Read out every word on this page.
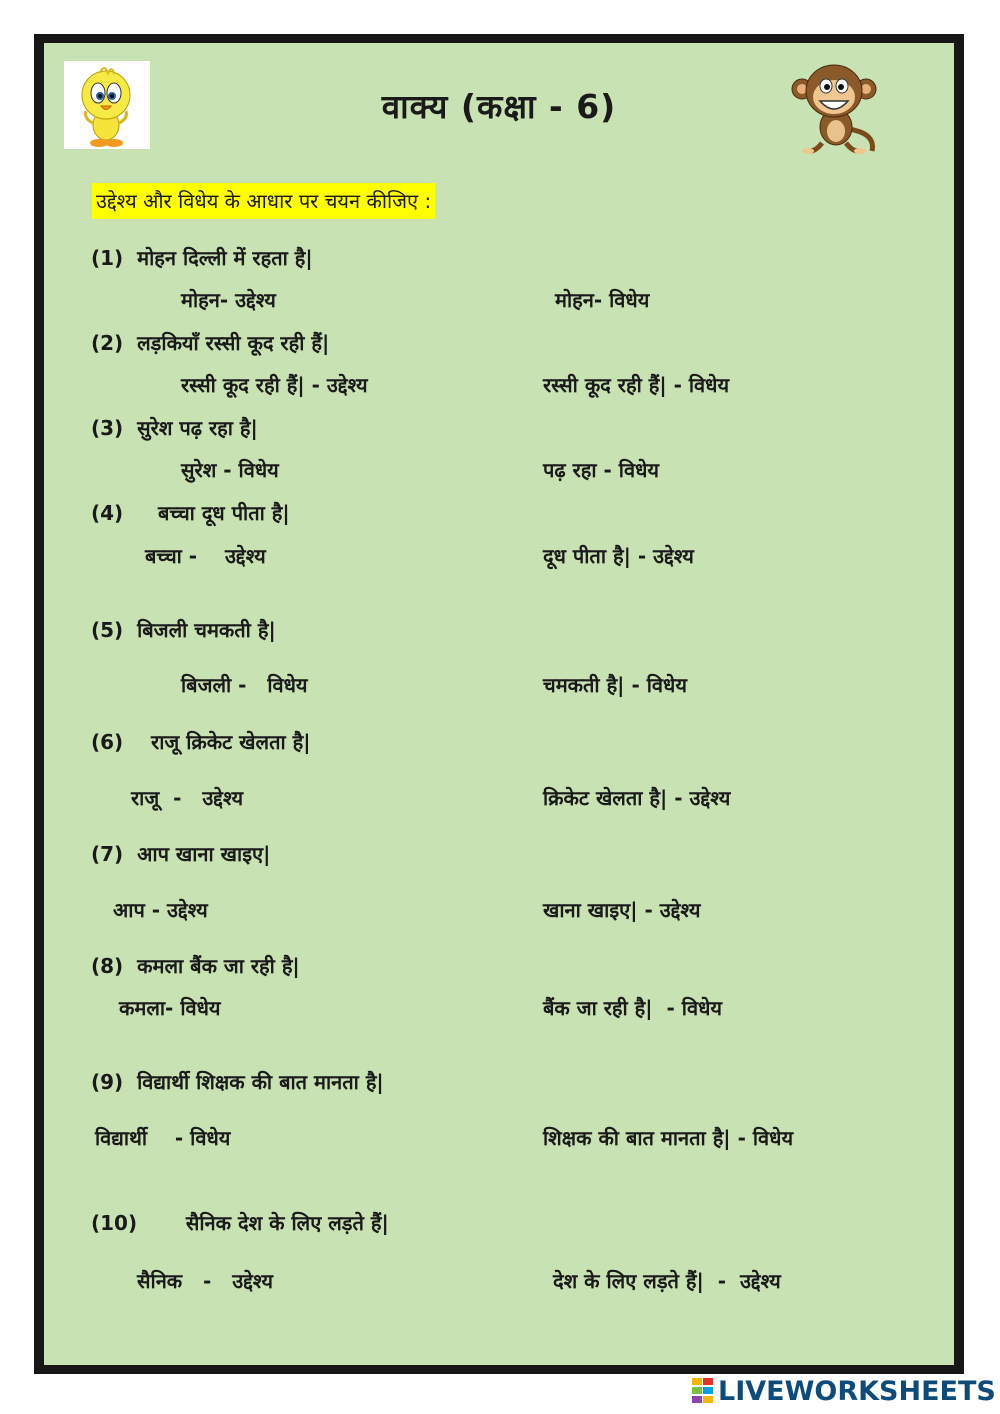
वाक्य (कक्षा - 6)
उद्देश्य और विधेय के आधार पर चयन कीजिए :
(1)  मोहन दिल्ली में रहता है|
मोहन- उद्देश्य	मोहन- विधेय
(2)  लड़कियाँ रस्सी कूद रही हैं|
रस्सी कूद रही हैं| - उद्देश्य	रस्सी कूद रही हैं| - विधेय
(3)  सुरेश पढ़ रहा है|
सुरेश - विधेय	पढ़ रहा - विधेय
(4)     बच्चा दूध पीता है|
बच्चा -    उद्देश्य	दूध पीता है| - उद्देश्य
(5)  बिजली चमकती है|
बिजली -   विधेय	चमकती है| - विधेय
(6)    राजू क्रिकेट खेलता है|
राजू  -   उद्देश्य	क्रिकेट खेलता है| - उद्देश्य
(7)  आप खाना खाइए|
आप - उद्देश्य	खाना खाइए| - उद्देश्य
(8)  कमला बैंक जा रही है|
कमला- विधेय	बैंक जा रही है|  - विधेय
(9)  विद्यार्थी शिक्षक की बात मानता है|
विद्यार्थी    - विधेय	शिक्षक की बात मानता है| - विधेय
(10)       सैनिक देश के लिए लड़ते हैं|
सैनिक   -   उद्देश्य	देश के लिए लड़ते हैं|  -  उद्देश्य
LIVEWORKSHEETS
